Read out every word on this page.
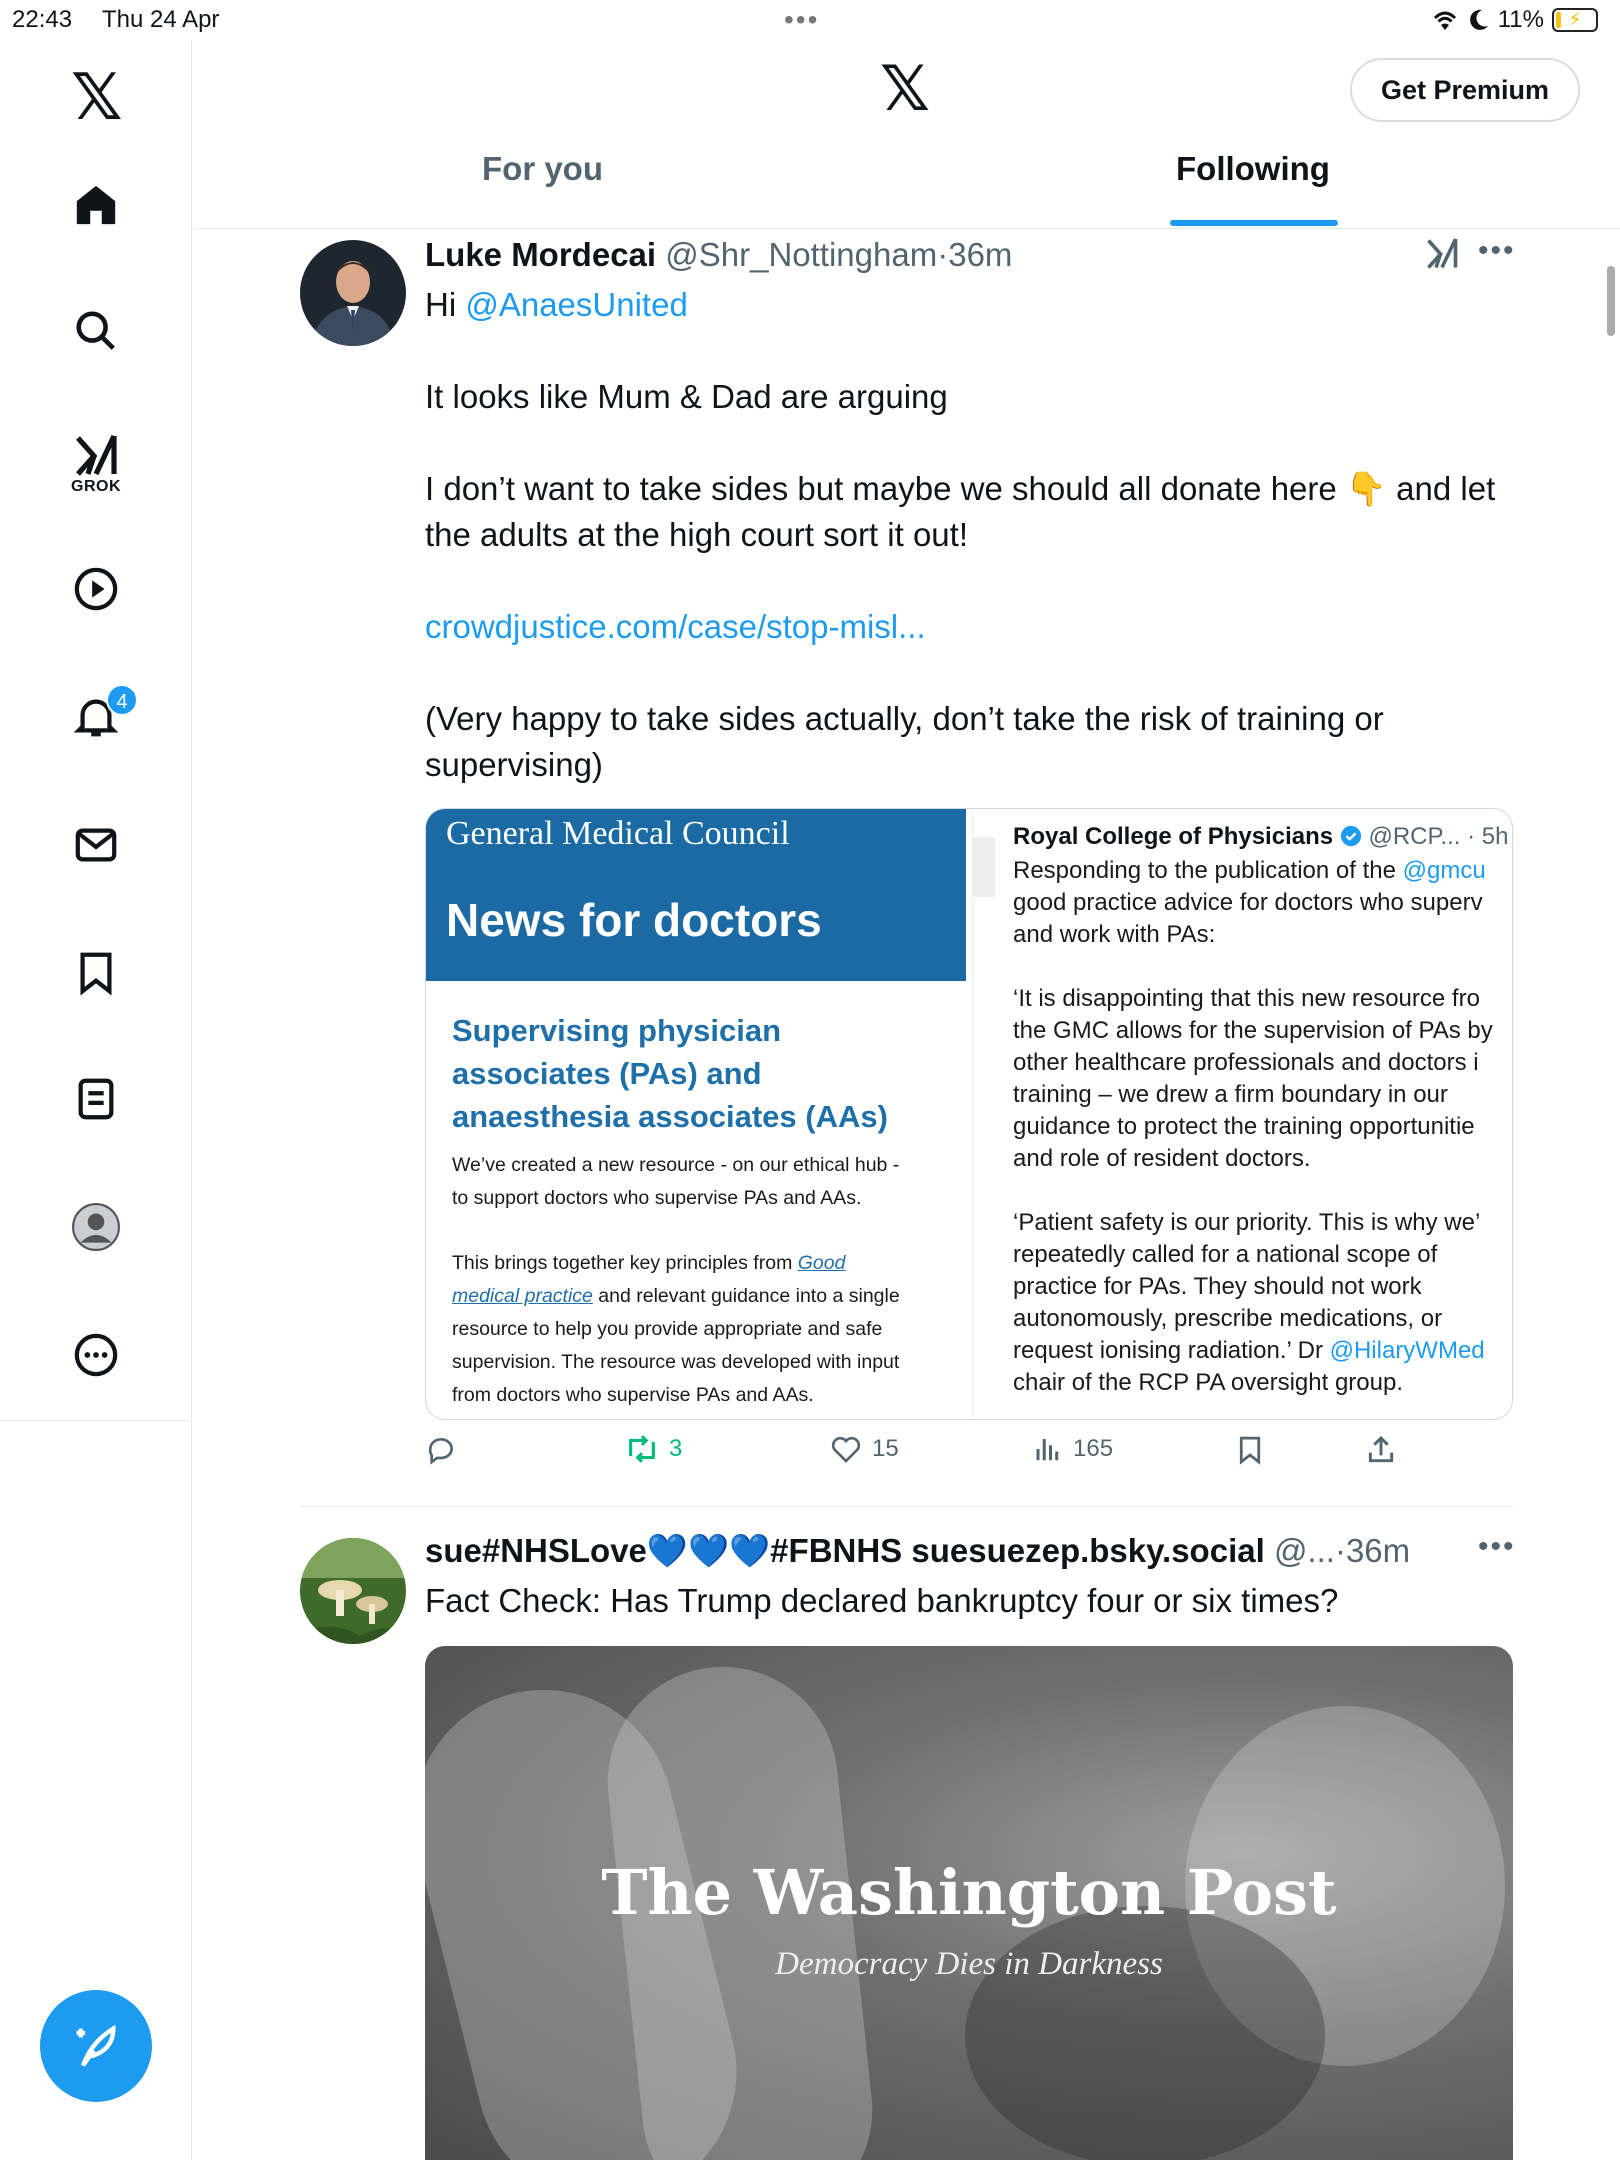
22:43 Thu 24 Apr	•••	11% ⚡
𝕏
GROK
4
𝕏	Get Premium
For you	Following
Luke Mordecai @Shr_Nottingham·36m	•••
Hi @AnaesUnited
It looks like Mum & Dad are arguing
I don’t want to take sides but maybe we should all donate here 👇 and let the adults at the high court sort it out!
crowdjustice.com/case/stop-misl...
(Very happy to take sides actually, don’t take the risk of training or supervising)
General Medical Council
News for doctors
Supervising physician associates (PAs) and anaesthesia associates (AAs)
We’ve created a new resource - on our ethical hub -
to support doctors who supervise PAs and AAs.
This brings together key principles from Good
medical practice and relevant guidance into a single
resource to help you provide appropriate and safe
supervision. The resource was developed with input
from doctors who supervise PAs and AAs.
Royal College of Physicians @RCP... · 5h
Responding to the publication of the @gmcu
good practice advice for doctors who superv
and work with PAs:
‘It is disappointing that this new resource fro
the GMC allows for the supervision of PAs by
other healthcare professionals and doctors i
training – we drew a firm boundary in our
guidance to protect the training opportunitie
and role of resident doctors.
‘Patient safety is our priority. This is why we’
repeatedly called for a national scope of
practice for PAs. They should not work
autonomously, prescribe medications, or
request ionising radiation.’ Dr @HilaryWMed
chair of the RCP PA oversight group.
3	15	165
sue#NHSLove💙💙💙#FBNHS suesuezep.bsky.social @...·36m •••
Fact Check: Has Trump declared bankruptcy four or six times?
The Washington Post
Democracy Dies in Darkness
